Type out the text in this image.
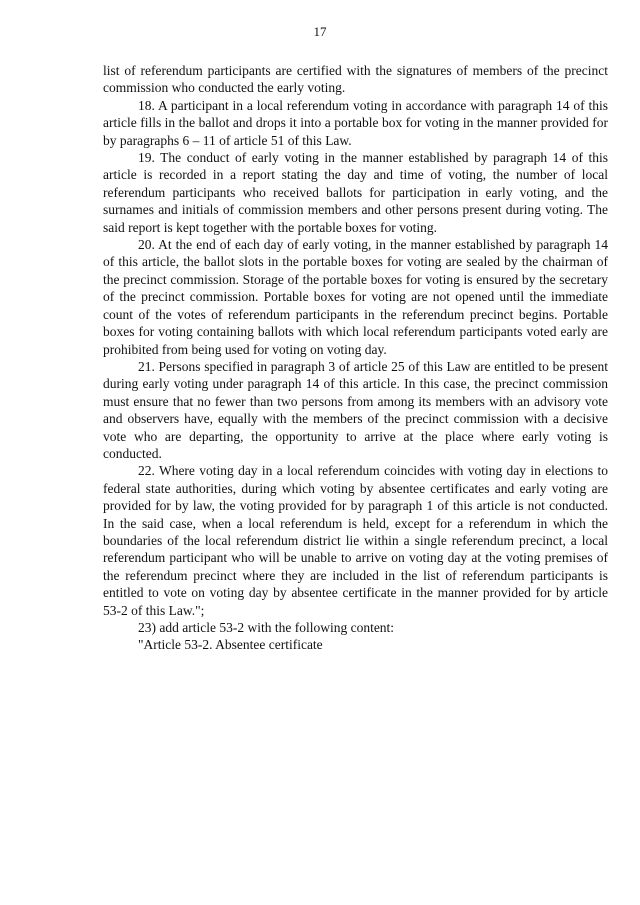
17

list of referendum participants are certified with the signatures of members of the precinct commission who conducted the early voting.

18. A participant in a local referendum voting in accordance with paragraph 14 of this article fills in the ballot and drops it into a portable box for voting in the manner provided for by paragraphs 6 – 11 of article 51 of this Law.

19. The conduct of early voting in the manner established by paragraph 14 of this article is recorded in a report stating the day and time of voting, the number of local referendum participants who received ballots for participation in early voting, and the surnames and initials of commission members and other persons present during voting. The said report is kept together with the portable boxes for voting.

20. At the end of each day of early voting, in the manner established by paragraph 14 of this article, the ballot slots in the portable boxes for voting are sealed by the chairman of the precinct commission. Storage of the portable boxes for voting is ensured by the secretary of the precinct commission. Portable boxes for voting are not opened until the immediate count of the votes of referendum participants in the referendum precinct begins. Portable boxes for voting containing ballots with which local referendum participants voted early are prohibited from being used for voting on voting day.

21. Persons specified in paragraph 3 of article 25 of this Law are entitled to be present during early voting under paragraph 14 of this article. In this case, the precinct commission must ensure that no fewer than two persons from among its members with an advisory vote and observers have, equally with the members of the precinct commission with a decisive vote who are departing, the opportunity to arrive at the place where early voting is conducted.

22. Where voting day in a local referendum coincides with voting day in elections to federal state authorities, during which voting by absentee certificates and early voting are provided for by law, the voting provided for by paragraph 1 of this article is not conducted. In the said case, when a local referendum is held, except for a referendum in which the boundaries of the local referendum district lie within a single referendum precinct, a local referendum participant who will be unable to arrive on voting day at the voting premises of the referendum precinct where they are included in the list of referendum participants is entitled to vote on voting day by absentee certificate in the manner provided for by article 53-2 of this Law.";

23) add article 53-2 with the following content:

"Article 53-2. Absentee certificate
